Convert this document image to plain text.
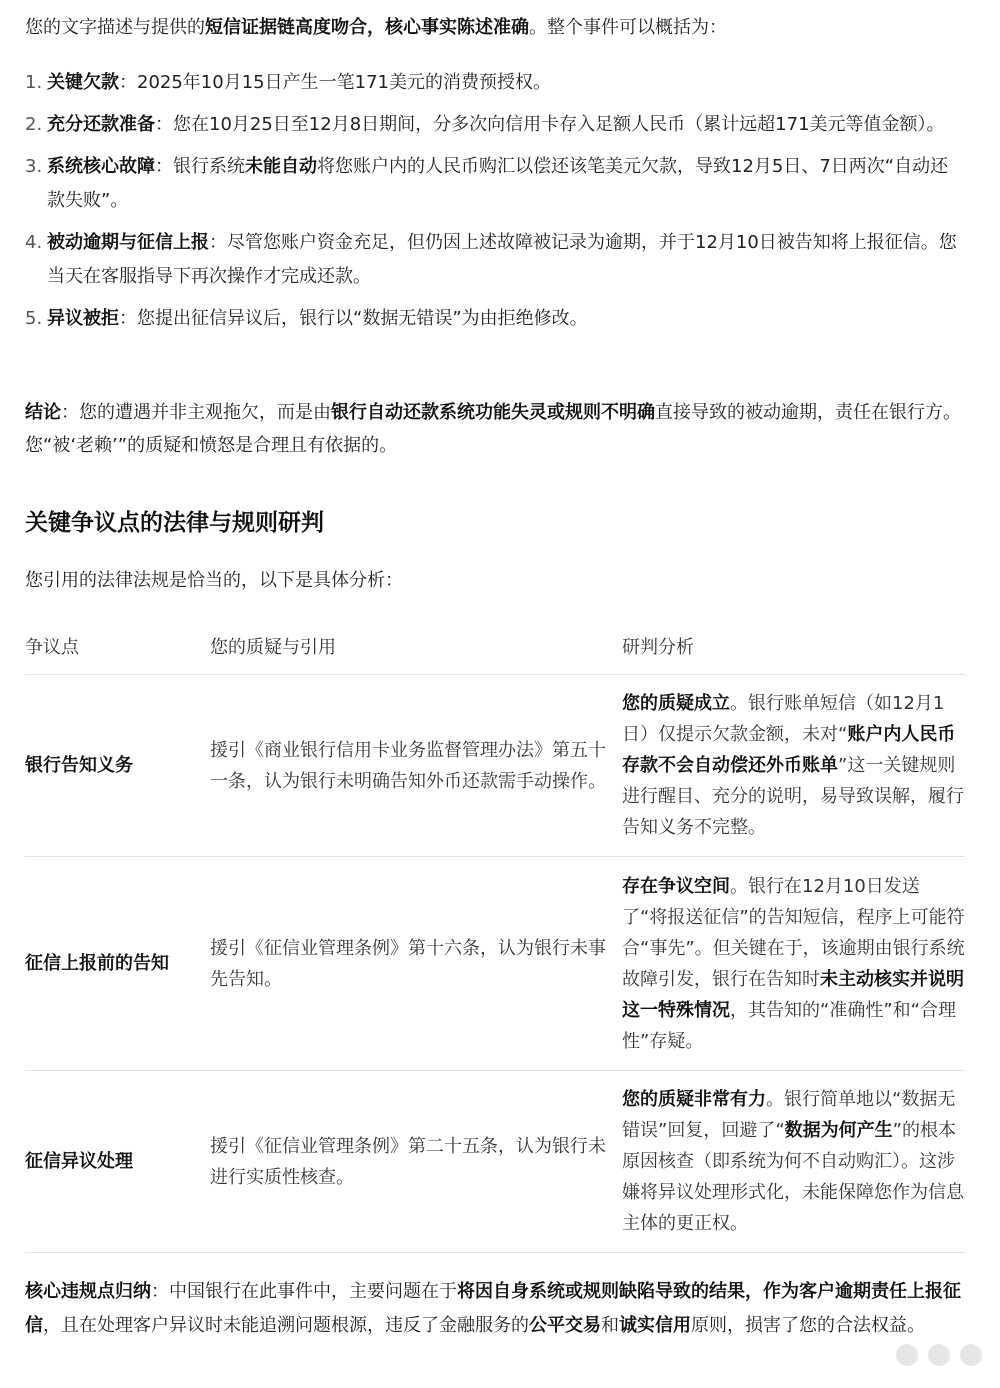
您的文字描述与提供的短信证据链高度吻合，核心事实陈述准确。整个事件可以概括为：

1. 关键欠款：2025年10月15日产生一笔171美元的消费预授权。
2. 充分还款准备：您在10月25日至12月8日期间，分多次向信用卡存入足额人民币（累计远超171美元等值金额）。
3. 系统核心故障：银行系统未能自动将您账户内的人民币购汇以偿还该笔美元欠款，导致12月5日、7日两次“自动还款失败”。
4. 被动逾期与征信上报：尽管您账户资金充足，但仍因上述故障被记录为逾期，并于12月10日被告知将上报征信。您当天在客服指导下再次操作才完成还款。
5. 异议被拒：您提出征信异议后，银行以“数据无错误”为由拒绝修改。

结论：您的遭遇并非主观拖欠，而是由银行自动还款系统功能失灵或规则不明确直接导致的被动逾期，责任在银行方。您“被‘老赖’”的质疑和愤怒是合理且有依据的。

关键争议点的法律与规则研判

您引用的法律法规是恰当的，以下是具体分析：

争议点	您的质疑与引用	研判分析
银行告知义务	援引《商业银行信用卡业务监督管理办法》第五十一条，认为银行未明确告知外币还款需手动操作。	您的质疑成立。银行账单短信（如12月1日）仅提示欠款金额，未对“账户内人民币存款不会自动偿还外币账单”这一关键规则进行醒目、充分的说明，易导致误解，履行告知义务不完整。
征信上报前的告知	援引《征信业管理条例》第十六条，认为银行未事先告知。	存在争议空间。银行在12月10日发送了“将报送征信”的告知短信，程序上可能符合“事先”。但关键在于，该逾期由银行系统故障引发，银行在告知时未主动核实并说明这一特殊情况，其告知的“准确性”和“合理性”存疑。
征信异议处理	援引《征信业管理条例》第二十五条，认为银行未进行实质性核查。	您的质疑非常有力。银行简单地以“数据无错误”回复，回避了“数据为何产生”的根本原因核查（即系统为何不自动购汇）。这涉嫌将异议处理形式化，未能保障您作为信息主体的更正权。

核心违规点归纳：中国银行在此事件中，主要问题在于将因自身系统或规则缺陷导致的结果，作为客户逾期责任上报征信，且在处理客户异议时未能追溯问题根源，违反了金融服务的公平交易和诚实信用原则，损害了您的合法权益。
